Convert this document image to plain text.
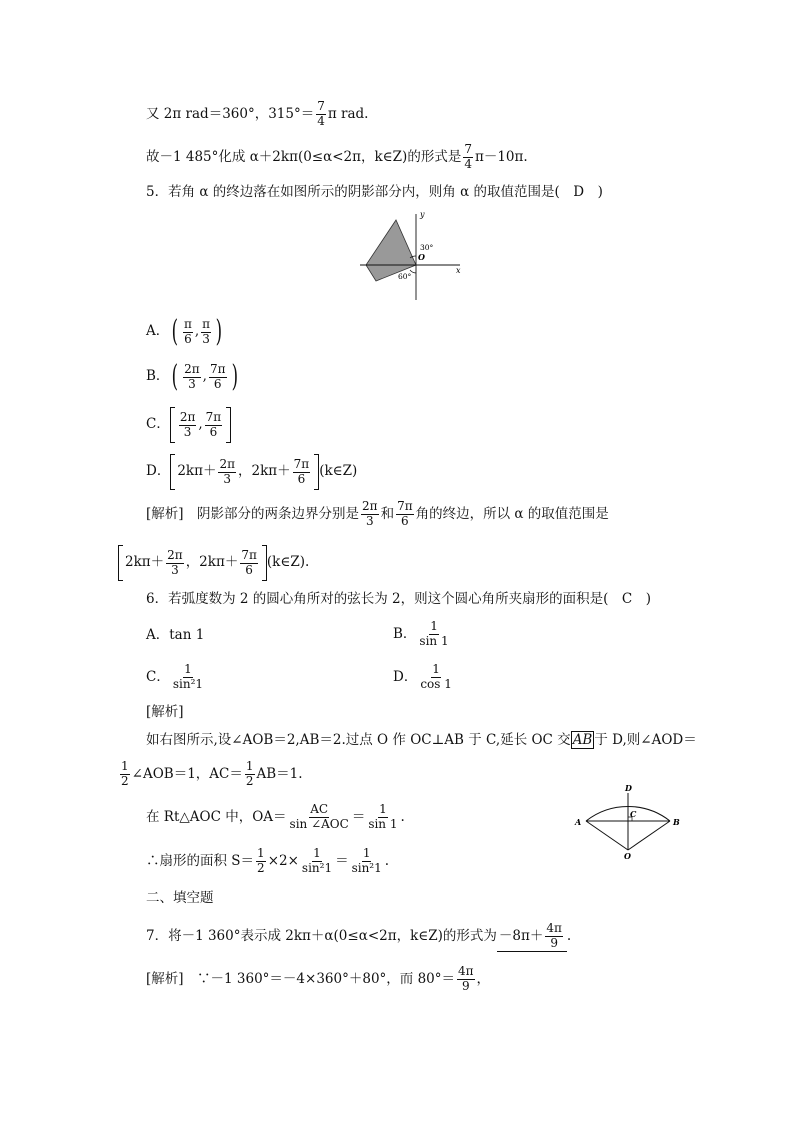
又 2π rad＝360°，$315^\circ= \frac{7}{4}$ π rad.
故－1 485°化成 α＋2kπ(0≤α<2π，k∈Z)的形式是 $\frac{7}{4} \pi-10\pi$.
5．若角 α 的终边落在如图所示的阴影部分内，则角 α 的取值范围是(　D　)
y
x
O
30°
60°
A．( $\frac{\pi}{6}$ , $\frac{\pi}{3}$ )
B．( $\frac{2\pi}{3}$ , $\frac{7\pi}{6}$ )
C． $\frac{2\pi}{3}$ , $\frac{7\pi}{6}$
D． $2k\pi+ \frac{2\pi}{3}$ ，$2k\pi+ \frac{7\pi}{6}$ (k∈Z)
[解析]　阴影部分的两条边界分别是 $\frac{2\pi}{3}$ 和 $\frac{7\pi}{6}$ 角的终边，所以 α 的取值范围是
$2k\pi+ \frac{2\pi}{3}$ ，$2k\pi+ \frac{7\pi}{6}$ (k∈Z).
6．若弧度数为 2 的圆心角所对的弦长为 2，则这个圆心角所夹扇形的面积是(　C　)
A．tan 1	B． $\frac{1}{\sin 1}$
C． $\frac{1}{\text{sin²1}}$	D． $\frac{1}{\cos 1}$
[解析]
如右图所示,设∠AOB＝2,AB＝2.过点 O 作 OC⊥AB 于 C,延长 OC 交 AB 于 D,则∠AOD＝
$\frac{1}{2}$ ∠AOB＝1，$AC= \frac{1}{2} AB=1$.
在 Rt△AOC 中，OA＝ AC
sin ∠AOC ＝ $\frac{1}{\sin 1}$ .
∴扇形的面积 $S= \frac{1}{2} \times 2\times \frac{1}{\text{sin²1}} = \frac{1}{\text{sin²1}}$ .
D
A
C
B
O
二、填空题
7．将－1 360°表示成 2kπ＋α(0≤α<2π，k∈Z)的形式为 $-8\pi+ \frac{4\pi}{9}$ .
[解析]　∵－1 360°＝－4×360°＋80°，而 $80^\circ= \frac{4\pi}{9}$ ，
